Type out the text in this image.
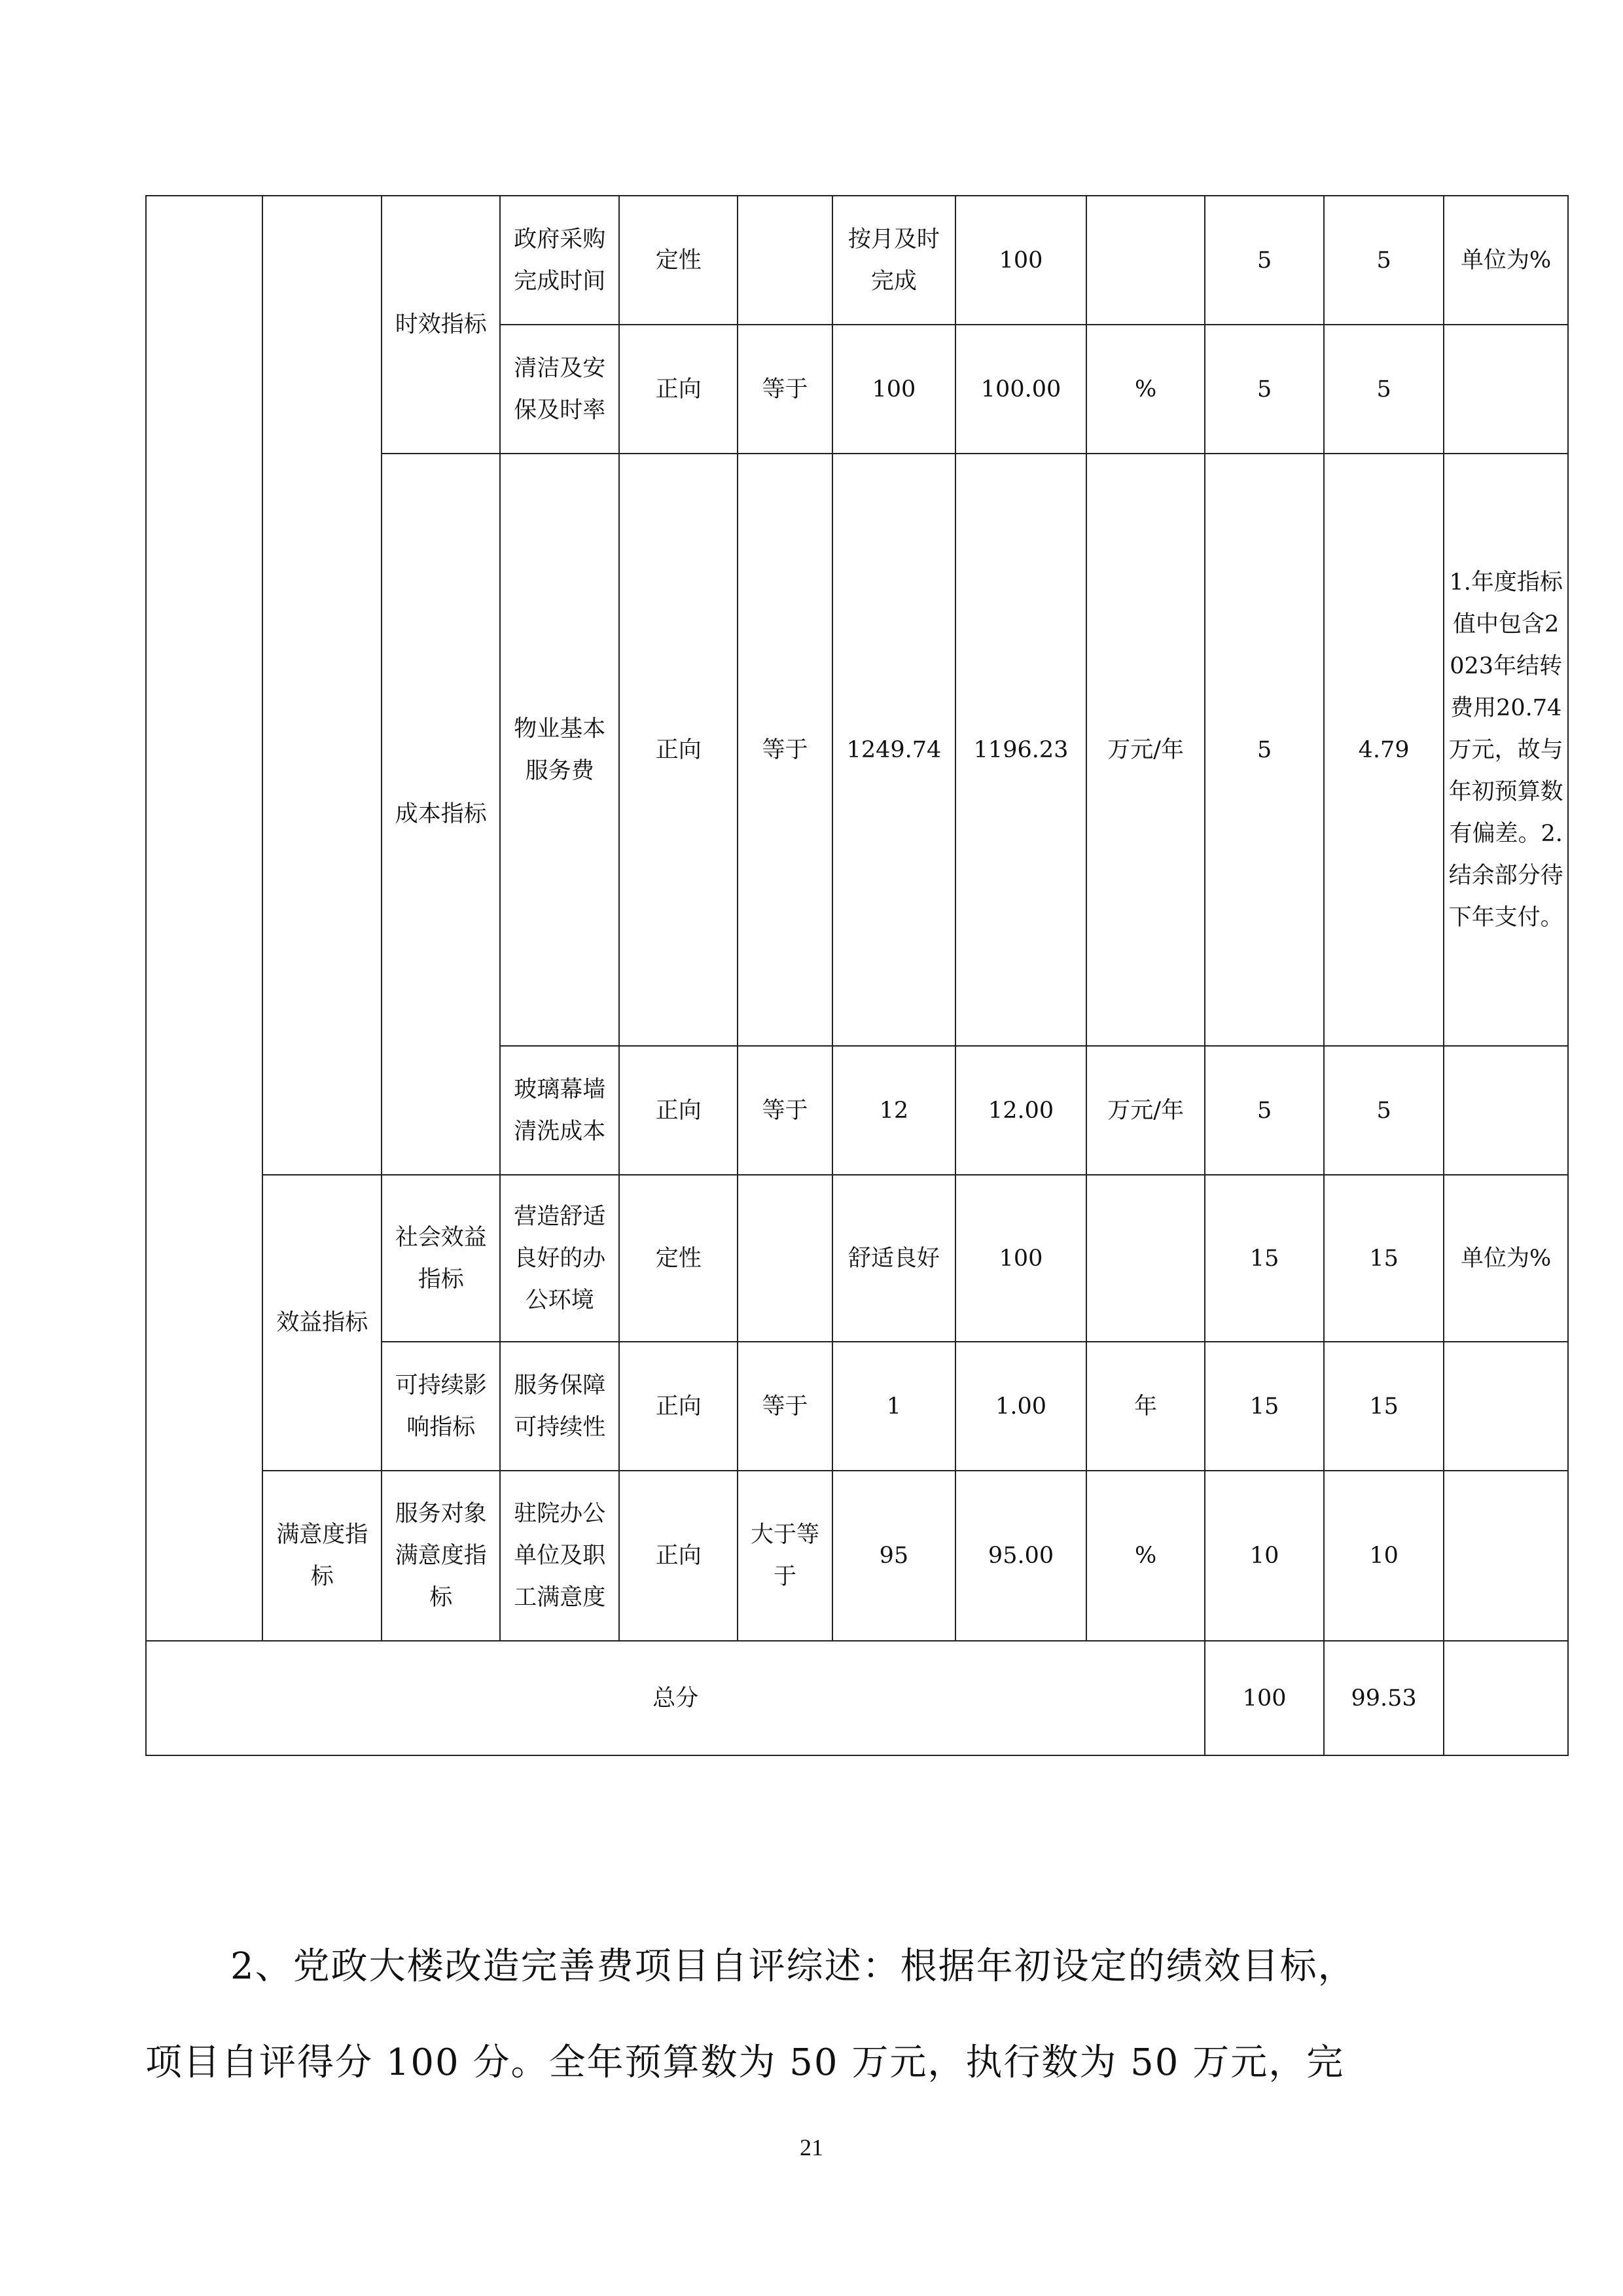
		时效指标	政府采购完成时间	定性		按月及时完成	100		5	5	单位为%
			清洁及安保及时率	正向	等于	100	100.00	%	5	5	
		成本指标	物业基本服务费	正向	等于	1249.74	1196.23	万元/年	5	4.79	1.年度指标值中包含2023年结转费用20.74万元，故与年初预算数有偏差。2.结余部分待下年支付。
			玻璃幕墙清洗成本	正向	等于	12	12.00	万元/年	5	5	
	效益指标	社会效益指标	营造舒适良好的办公环境	定性		舒适良好	100		15	15	单位为%
		可持续影响指标	服务保障可持续性	正向	等于	1	1.00	年	15	15	
	满意度指标	服务对象满意度指标	驻院办公单位及职工满意度	正向	大于等于	95	95.00	%	10	10	
总分									100	99.53	
2、党政大楼改造完善费项目自评综述：根据年初设定的绩效目标，
项目自评得分 100 分。全年预算数为 50 万元，执行数为 50 万元，完
21
